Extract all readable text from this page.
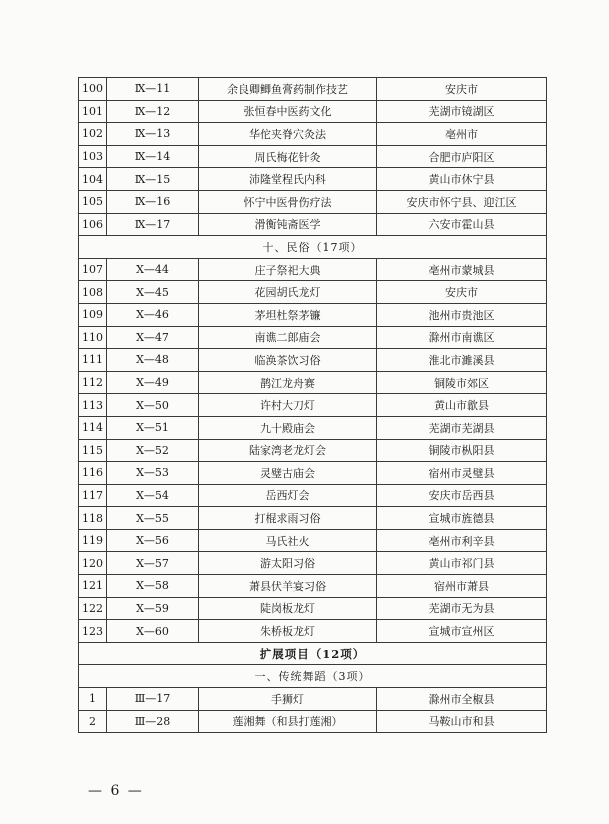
100	Ⅸ—11	余良卿鲫鱼膏药制作技艺	安庆市
101	Ⅸ—12	张恒春中医药文化	芜湖市镜湖区
102	Ⅸ—13	华佗夹脊穴灸法	亳州市
103	Ⅸ—14	周氏梅花针灸	合肥市庐阳区
104	Ⅸ—15	沛隆堂程氏内科	黄山市休宁县
105	Ⅸ—16	怀宁中医骨伤疗法	安庆市怀宁县、迎江区
106	Ⅸ—17	滑衡钝斋医学	六安市霍山县
十、民俗（17项）			
107	Ⅹ—44	庄子祭祀大典	亳州市蒙城县
108	Ⅹ—45	花园胡氏龙灯	安庆市
109	Ⅹ—46	茅坦杜祭茅镰	池州市贵池区
110	Ⅹ—47	南谯二郎庙会	滁州市南谯区
111	Ⅹ—48	临涣茶饮习俗	淮北市濉溪县
112	Ⅹ—49	鹊江龙舟赛	铜陵市郊区
113	Ⅹ—50	许村大刀灯	黄山市歙县
114	Ⅹ—51	九十殿庙会	芜湖市芜湖县
115	Ⅹ—52	陆家湾老龙灯会	铜陵市枞阳县
116	Ⅹ—53	灵璧古庙会	宿州市灵璧县
117	Ⅹ—54	岳西灯会	安庆市岳西县
118	Ⅹ—55	打棍求雨习俗	宣城市旌德县
119	Ⅹ—56	马氏社火	亳州市利辛县
120	Ⅹ—57	游太阳习俗	黄山市祁门县
121	Ⅹ—58	萧县伏羊宴习俗	宿州市萧县
122	Ⅹ—59	陡岗板龙灯	芜湖市无为县
123	Ⅹ—60	朱桥板龙灯	宣城市宣州区
扩展项目（12项）			
一、传统舞蹈（3项）			
1	Ⅲ—17	手狮灯	滁州市全椒县
2	Ⅲ—28	莲湘舞（和县打莲湘）	马鞍山市和县
— 6 —
